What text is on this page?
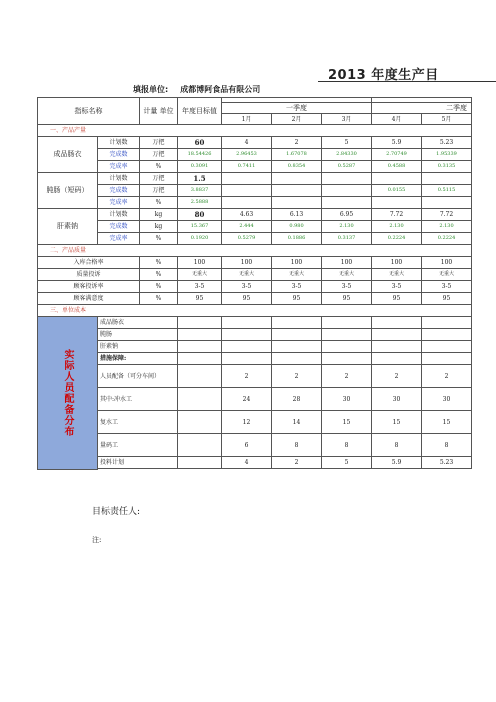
2013 年度生产目
填报单位: 成都博阿食品有限公司
指标名称		计量 单位	年度目标值					
				一季度			二季度	
				1月	2月	3月	4月	5月
一、产品产量								
成品肠衣	计划数	万把	60	4	2	5	5.9	5.23
	完成数	万把	18.54426	2.96453	1.67078	2.84330	2.70749	1.95339
	完成率	%	0.3091	0.7411	0.8354	0.5287	0.4588	0.3135
肫肠（短码）	计划数	万把	1.5					
	完成数	万把	3.8837				0.0155	0.5115
	完成率	%	2.5888					
肝素钠	计划数	kg	80	4.63	6.13	6.95	7.72	7.72
	完成数	kg	15.367	2.444	0.980	2.130	2.130	2.130
	完成率	%	0.1920	0.5279	0.1886	0.3137	0.2224	0.2224
二、产品质量								
入库合格率		%	100	100	100	100	100	100
质量投诉		%	无重大	无重大	无重大	无重大	无重大	无重大
顾客投诉率		%	3-5	3-5	3-5	3-5	3-5	3-5
顾客满意度		%	95	95	95	95	95	95
三、单位成本								
实际人员配备分布	成品肠衣							
	肫肠							
	肝素钠							
	措施保障:							
	人员配备（可分车间）			2	2	2	2	2
	其中:冲水工			24	28	30	30	30
	复水工			12	14	15	15	15
	量码工			6	8	8	8	8
	投料计划			4	2	5	5.9	5.23

目标责任人:
注:
